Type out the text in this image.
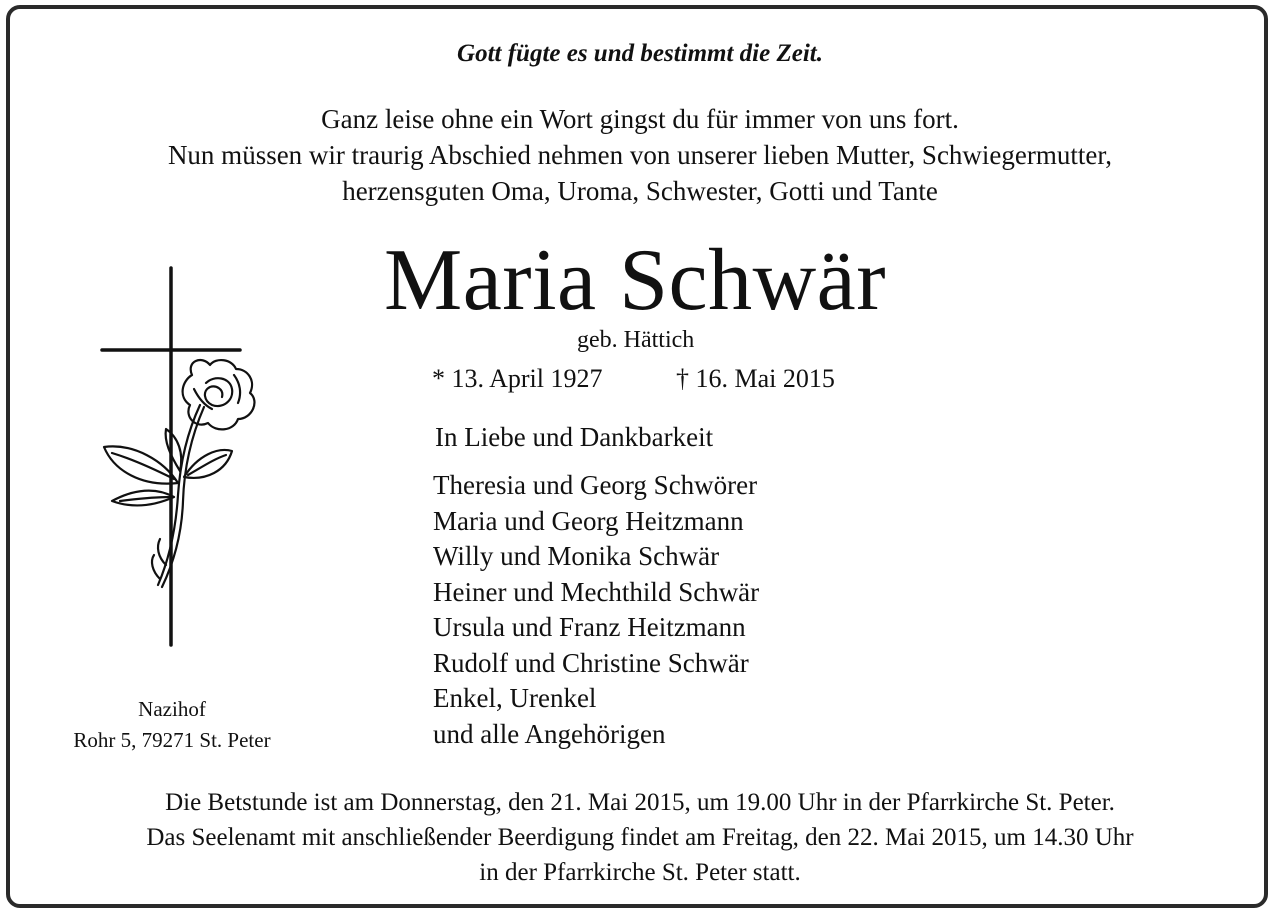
Gott fügte es und bestimmt die Zeit.

Ganz leise ohne ein Wort gingst du für immer von uns fort.

Nun müssen wir traurig Abschied nehmen von unserer lieben Mutter, Schwiegermutter,

herzensguten Oma, Uroma, Schwester, Gotti und Tante

Maria Schwär

geb. Hättich

* 13. April 1927	† 16. Mai 2015

In Liebe und Dankbarkeit

Theresia und Georg Schwörer
Maria und Georg Heitzmann
Willy und Monika Schwär
Heiner und Mechthild Schwär
Ursula und Franz Heitzmann
Rudolf und Christine Schwär
Enkel, Urenkel
und alle Angehörigen

Nazihof

Rohr 5, 79271 St. Peter

Die Betstunde ist am Donnerstag, den 21. Mai 2015, um 19.00 Uhr in der Pfarrkirche St. Peter.

Das Seelenamt mit anschließender Beerdigung findet am Freitag, den 22. Mai 2015, um 14.30 Uhr

in der Pfarrkirche St. Peter statt.
